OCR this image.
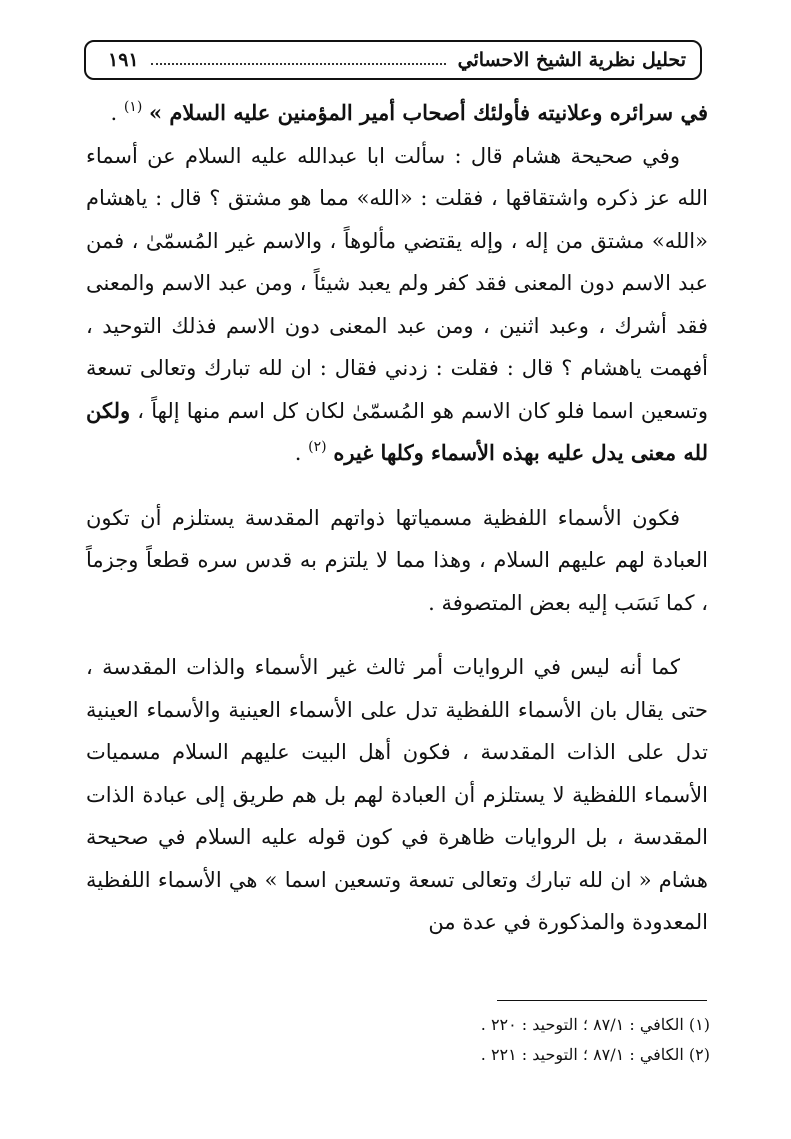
تحليل نظرية الشيخ الاحسائي
١٩١

في سرائره وعلانيته فأولئك أصحاب أمير المؤمنين عليه السلام » $^{(١)}$ .

وفي صحيحة هشام قال : سألت ابا عبدالله عليه السلام عن أسماء الله عز ذكره واشتقاقها ، فقلت : «الله» مما هو مشتق ؟ قال : ياهشام «الله» مشتق من إله ، وإله يقتضي مألوهاً ، والاسم غير المُسمّىٰ ، فمن عبد الاسم دون المعنى فقد كفر ولم يعبد شيئاً ، ومن عبد الاسم والمعنى فقد أشرك ، وعبد اثنين ، ومن عبد المعنى دون الاسم فذلك التوحيد ، أفهمت ياهشام ؟ قال : فقلت : زدني فقال : ان لله تبارك وتعالى تسعة وتسعين اسما فلو كان الاسم هو المُسمّىٰ لكان كل اسم منها إلهاً ، ولكن لله معنى يدل عليه بهذه الأسماء وكلها غيره $^{(٢)}$ .

فكون الأسماء اللفظية مسمياتها ذواتهم المقدسة يستلزم أن تكون العبادة لهم عليهم السلام ، وهذا مما لا يلتزم به قدس سره قطعاً وجزماً ، كما نَسَب إليه بعض المتصوفة .

كما أنه ليس في الروايات أمر ثالث غير الأسماء والذات المقدسة ، حتى يقال بان الأسماء اللفظية تدل على الأسماء العينية والأسماء العينية تدل على الذات المقدسة ، فكون أهل البيت عليهم السلام مسميات الأسماء اللفظية لا يستلزم أن العبادة لهم بل هم طريق إلى عبادة الذات المقدسة ، بل الروايات ظاهرة في كون قوله عليه السلام في صحيحة هشام « ان لله تبارك وتعالى تسعة وتسعين اسما » هي الأسماء اللفظية المعدودة والمذكورة في عدة من

(١) الكافي : ٨٧/١ ؛ التوحيد : ٢٢٠ .

(٢) الكافي : ٨٧/١ ؛ التوحيد : ٢٢١ .
